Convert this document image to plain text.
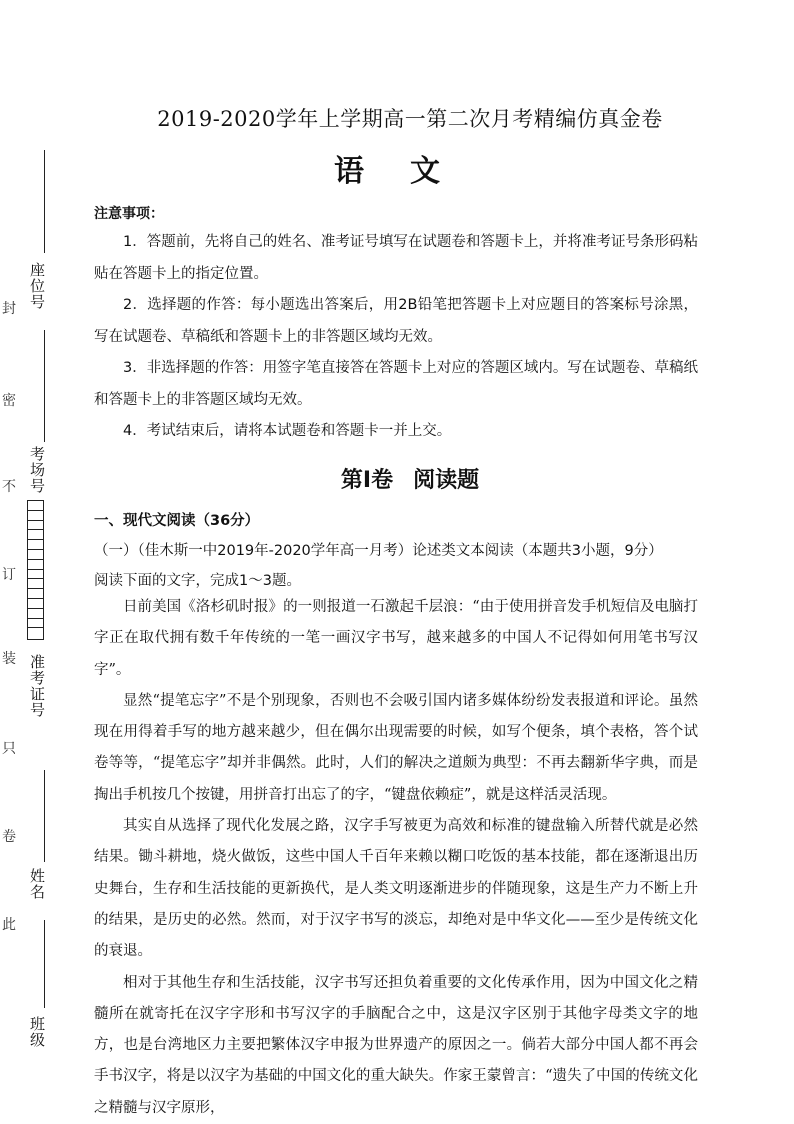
座位号
考场号
准考证号
姓名
班级
封
密
不
订
装
只
卷
此
2019-2020学年上学期高一第二次月考精编仿真金卷
语文
注意事项：

1．答题前，先将自己的姓名、准考证号填写在试题卷和答题卡上，并将准考证号条形码粘贴在答题卡上的指定位置。

2．选择题的作答：每小题选出答案后，用2B铅笔把答题卡上对应题目的答案标号涂黑，写在试题卷、草稿纸和答题卡上的非答题区域均无效。

3．非选择题的作答：用签字笔直接答在答题卡上对应的答题区域内。写在试题卷、草稿纸和答题卡上的非答题区域均无效。

4．考试结束后，请将本试题卷和答题卡一并上交。

第Ⅰ卷 阅读题
一、现代文阅读（36分）
（一）（佳木斯一中2019年-2020学年高一月考）论述类文本阅读（本题共3小题，9分）
阅读下面的文字，完成1～3题。

日前美国《洛杉矶时报》的一则报道一石激起千层浪：“由于使用拼音发手机短信及电脑打字正在取代拥有数千年传统的一笔一画汉字书写，越来越多的中国人不记得如何用笔书写汉字”。

显然“提笔忘字”不是个别现象，否则也不会吸引国内诸多媒体纷纷发表报道和评论。虽然现在用得着手写的地方越来越少，但在偶尔出现需要的时候，如写个便条，填个表格，答个试卷等等，“提笔忘字”却并非偶然。此时，人们的解决之道颇为典型：不再去翻新华字典，而是掏出手机按几个按键，用拼音打出忘了的字，“键盘依赖症”，就是这样活灵活现。

其实自从选择了现代化发展之路，汉字手写被更为高效和标准的键盘输入所替代就是必然结果。锄斗耕地，烧火做饭，这些中国人千百年来赖以糊口吃饭的基本技能，都在逐渐退出历史舞台，生存和生活技能的更新换代，是人类文明逐渐进步的伴随现象，这是生产力不断上升的结果，是历史的必然。然而，对于汉字书写的淡忘，却绝对是中华文化——至少是传统文化的衰退。

相对于其他生存和生活技能，汉字书写还担负着重要的文化传承作用，因为中国文化之精髓所在就寄托在汉字字形和书写汉字的手脑配合之中，这是汉字区别于其他字母类文字的地方，也是台湾地区力主要把繁体汉字申报为世界遗产的原因之一。倘若大部分中国人都不再会手书汉字，将是以汉字为基础的中国文化的重大缺失。作家王蒙曾言：“遗失了中国的传统文化之精髓与汉字原形，
